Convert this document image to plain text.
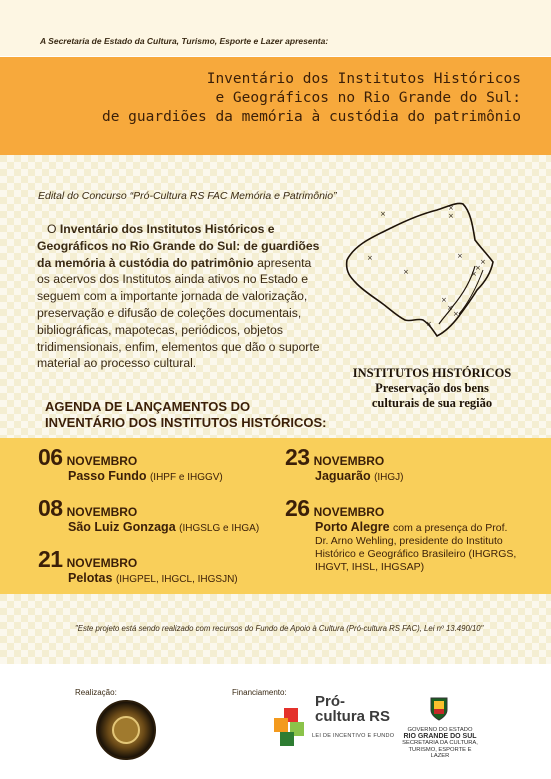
A Secretaria de Estado da Cultura, Turismo, Esporte e Lazer apresenta:
Inventário dos Institutos Históricos
e Geográficos no Rio Grande do Sul:
de guardiões da memória à custódia do patrimônio
Edital do Concurso “Pró-Cultura RS FAC Memória e Patrimônio”
O Inventário dos Institutos Históricos e Geográficos no Rio Grande do Sul: de guardiões da memória à custódia do patrimônio apresenta os acervos dos Institutos ainda ativos no Estado e seguem com a importante jornada de valorização, preservação e difusão de coleções documentais, bibliográficas, mapotecas, periódicos, objetos tridimensionais, enfim, elementos que dão o suporte material ao processo cultural.
×
×
×
×	×
×
×
×
×
×
×
×
×
INSTITUTOS HISTÓRICOS
Preservação dos bens
culturais de sua região
AGENDA DE LANÇAMENTOS DO
INVENTÁRIO DOS INSTITUTOS HISTÓRICOS:
06 NOVEMBRO
Passo Fundo (IHPF e IHGGV)
08 NOVEMBRO
São Luiz Gonzaga (IHGSLG e IHGA)
21 NOVEMBRO
Pelotas (IHGPEL, IHGCL, IHGSJN)
23 NOVEMBRO
Jaguarão (IHGJ)
26 NOVEMBRO
Porto Alegre com a presença do Prof.
Dr. Arno Wehling, presidente do Instituto Histórico e Geográfico Brasileiro (IHGRGS, IHGVT, IHSL, IHGSAP)
"Este projeto está sendo realizado com recursos do Fundo de Apoio à Cultura (Pró-cultura RS FAC), Lei nº 13.490/10"
Realização:	Financiamento:
Pró-
cultura RS
LEI DE INCENTIVO E FUNDO
GOVERNO DO ESTADO
RIO GRANDE DO SUL
SECRETARIA DA CULTURA,
TURISMO, ESPORTE E LAZER
